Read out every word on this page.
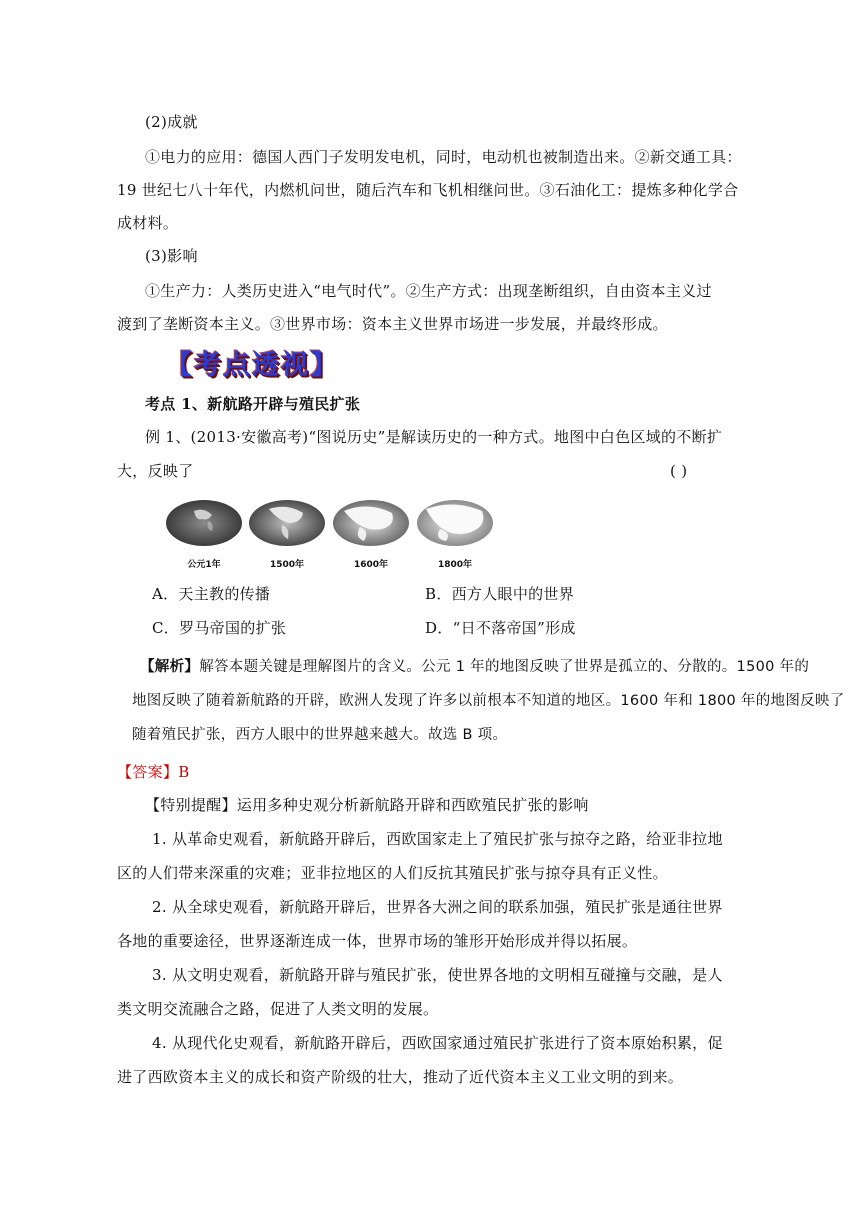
(2)成就
①电力的应用：德国人西门子发明发电机，同时，电动机也被制造出来。②新交通工具：
19 世纪七八十年代，内燃机问世，随后汽车和飞机相继问世。③石油化工：提炼多种化学合
成材料。
(3)影响
①生产力：人类历史进入“电气时代”。②生产方式：出现垄断组织，自由资本主义过
渡到了垄断资本主义。③世界市场：资本主义世界市场进一步发展，并最终形成。
【考点透视】
考点 1、新航路开辟与殖民扩张
例 1、(2013·安徽高考)“图说历史”是解读历史的一种方式。地图中白色区域的不断扩
大，反映了	( )
公元1年	1500年	1600年	1800年
A．天主教的传播	B．西方人眼中的世界
C．罗马帝国的扩张	D．“日不落帝国”形成
【解析】解答本题关键是理解图片的含义。公元 1 年的地图反映了世界是孤立的、分散的。1500 年的
地图反映了随着新航路的开辟，欧洲人发现了许多以前根本不知道的地区。1600 年和 1800 年的地图反映了
随着殖民扩张，西方人眼中的世界越来越大。故选 B 项。
【答案】B
【特别提醒】运用多种史观分析新航路开辟和西欧殖民扩张的影响
1. 从革命史观看，新航路开辟后，西欧国家走上了殖民扩张与掠夺之路，给亚非拉地
区的人们带来深重的灾难；亚非拉地区的人们反抗其殖民扩张与掠夺具有正义性。
2. 从全球史观看，新航路开辟后，世界各大洲之间的联系加强，殖民扩张是通往世界
各地的重要途径，世界逐渐连成一体，世界市场的雏形开始形成并得以拓展。
3. 从文明史观看，新航路开辟与殖民扩张，使世界各地的文明相互碰撞与交融，是人
类文明交流融合之路，促进了人类文明的发展。
4. 从现代化史观看，新航路开辟后，西欧国家通过殖民扩张进行了资本原始积累，促
进了西欧资本主义的成长和资产阶级的壮大，推动了近代资本主义工业文明的到来。
